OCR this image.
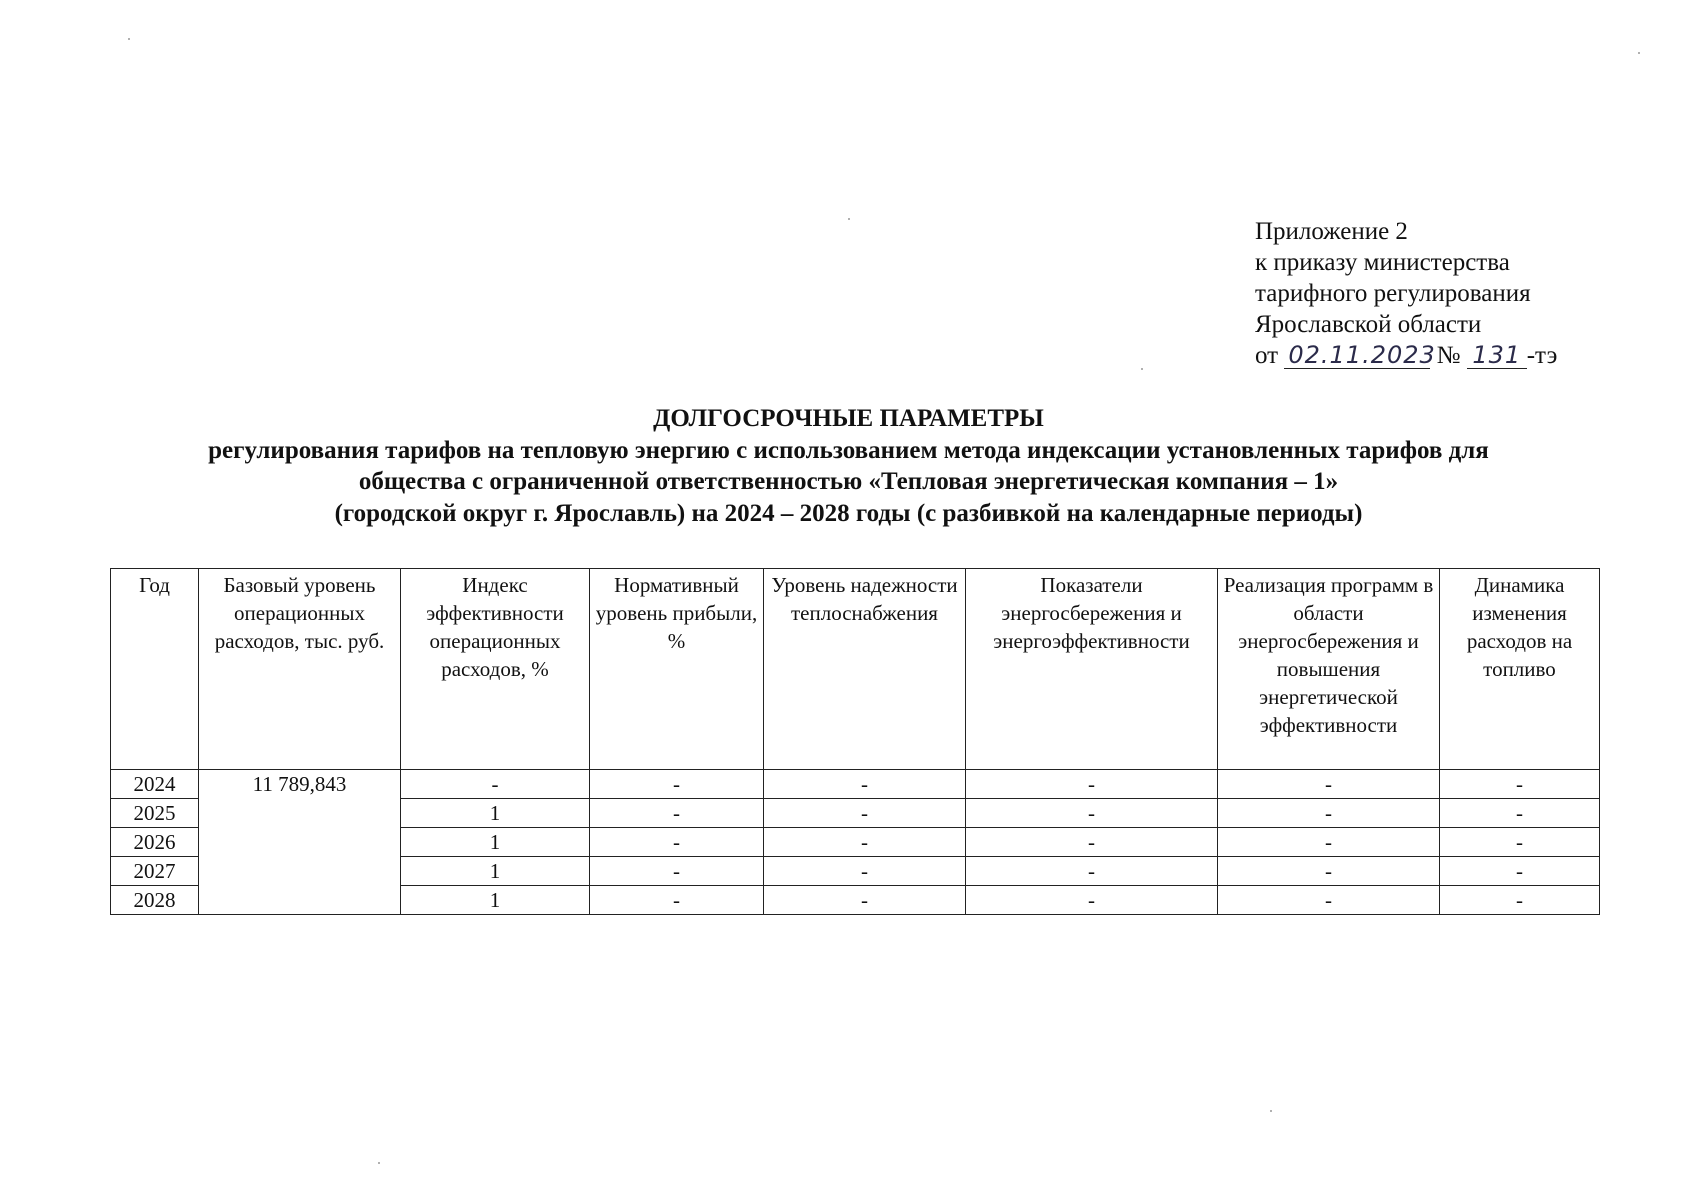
Приложение 2
к приказу министерства
тарифного регулирования
Ярославской области
от 02.11.2023 № 131 -тэ
ДОЛГОСРОЧНЫЕ ПАРАМЕТРЫ
регулирования тарифов на тепловую энергию с использованием метода индексации установленных тарифов для
общества с ограниченной ответственностью «Тепловая энергетическая компания – 1»
(городской округ г. Ярославль) на 2024 – 2028 годы (с разбивкой на календарные периоды)
Год	Базовый уровень операционных расходов, тыс. руб.	Индекс эффективности операционных расходов, %	Нормативный уровень прибыли, %	Уровень надежности теплоснабжения	Показатели энергосбережения и энергоэффективности	Реализация программ в области энергосбережения и повышения энергетической эффективности	Динамика изменения расходов на топливо
2024	11 789,843	-	-	-	-	-	-
2025		1	-	-	-	-	-
2026		1	-	-	-	-	-
2027		1	-	-	-	-	-
2028		1	-	-	-	-	-
